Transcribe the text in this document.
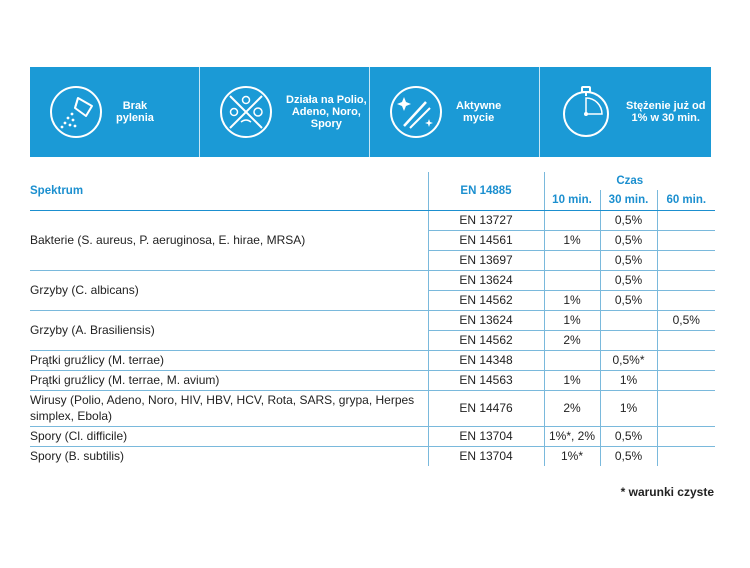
Brak
pylenia
Działa na Polio,
Adeno, Noro,
Spory
Aktywne
mycie
Stężenie już od
1% w 30 min.
Spektrum	EN 14885	Czas		
		10 min.	30 min.	60 min.
Bakterie (S. aureus, P. aeruginosa, E. hirae, MRSA)	EN 13727		0,5%	
	EN 14561	1%	0,5%	
	EN 13697		0,5%	
Grzyby (C. albicans)	EN 13624		0,5%	
	EN 14562	1%	0,5%	
Grzyby (A. Brasiliensis)	EN 13624	1%		0,5%
	EN 14562	2%		
Prątki gruźlicy (M. terrae)	EN 14348		0,5%*	
Prątki gruźlicy (M. terrae, M. avium)	EN 14563	1%	1%	
Wirusy (Polio, Adeno, Noro, HIV, HBV, HCV, Rota, SARS, grypa, Herpes simplex, Ebola)	EN 14476	2%	1%	
Spory (Cl. difficile)	EN 13704	1%*, 2%	0,5%	
Spory (B. subtilis)	EN 13704	1%*	0,5%	
* warunki czyste
